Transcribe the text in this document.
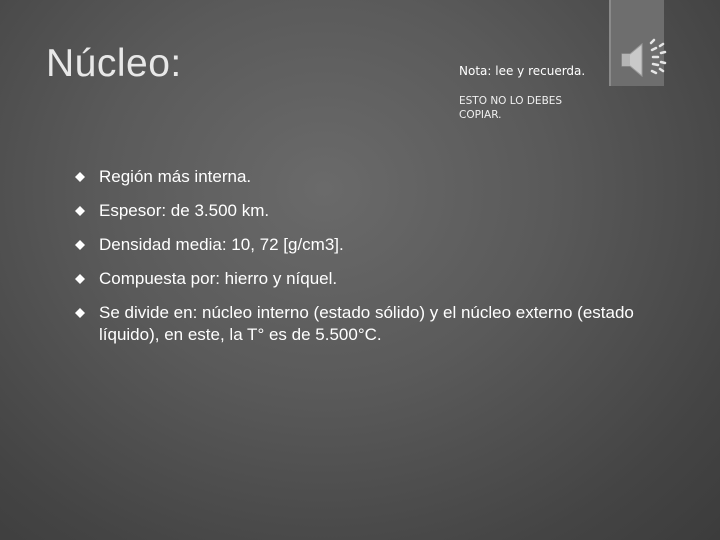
Núcleo:	Nota: lee y recuerda.
ESTO NO LO DEBES COPIAR.
Región más interna.
Espesor: de 3.500 km.
Densidad media: 10, 72 [g/cm3].
Compuesta por: hierro y níquel.
Se divide en: núcleo interno (estado sólido) y el núcleo externo (estado líquido), en este, la T° es de 5.500°C.
